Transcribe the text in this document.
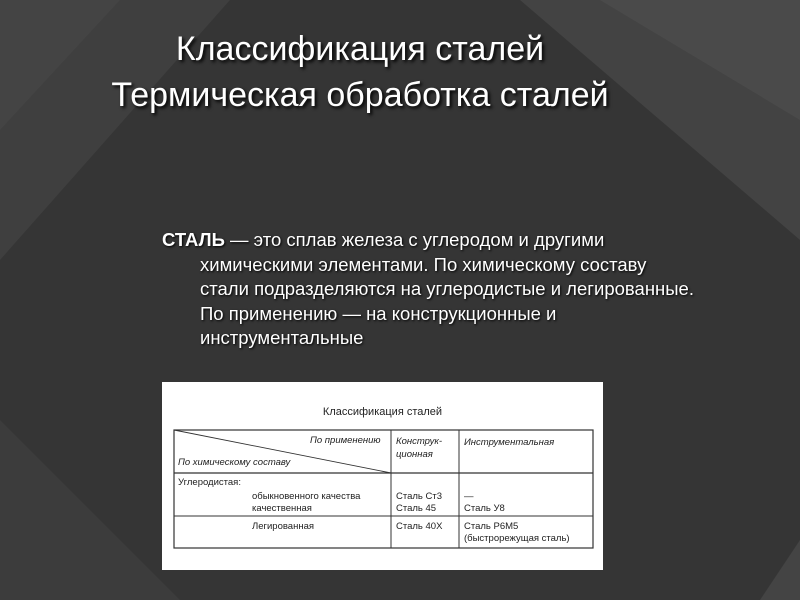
Классификация сталей
Термическая обработка сталей
СТАЛЬ — это сплав железа с углеродом и другими
химическими элементами. По химическому составу
стали подразделяются на углеродистые и легированные.
По применению — на конструкционные и
инструментальные
Классификация сталей
По применению
По химическому составу
Конструк-
ционная
Инструментальная
Углеродистая:
обыкновенного качества
качественная
Сталь Ст3
Сталь 45
—
Сталь У8
Легированная	Сталь 40Х Сталь Р6М5
(быстрорежущая сталь)
